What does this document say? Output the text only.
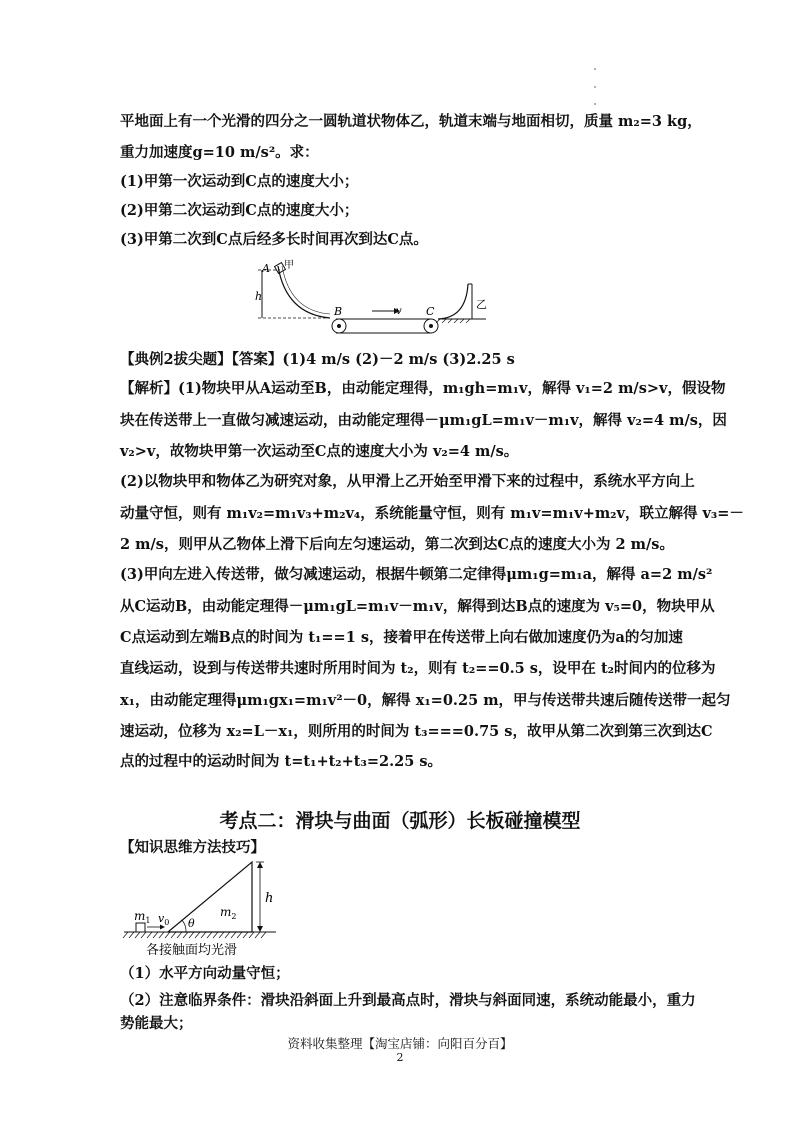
平地面上有一个光滑的四分之一圆轨道状物体乙，轨道末端与地面相切，质量 m₂=3 kg，
重力加速度g=10 m/s²。求：
(1)甲第一次运动到C点的速度大小；
(2)甲第二次运动到C点的速度大小；
(3)甲第二次到C点后经多长时间再次到达C点。
A 甲
h
B	v C
乙
【典例2拔尖题】【答案】(1)4 m/s (2)－2 m/s (3)2.25 s
【解析】(1)物块甲从A运动至B，由动能定理得，m₁gh=m₁v，解得 v₁=2 m/s>v，假设物
块在传送带上一直做匀减速运动，由动能定理得－μm₁gL=m₁v－m₁v，解得 v₂=4 m/s，因
v₂>v，故物块甲第一次运动至C点的速度大小为 v₂=4 m/s。
(2)以物块甲和物体乙为研究对象，从甲滑上乙开始至甲滑下来的过程中，系统水平方向上
动量守恒，则有 m₁v₂=m₁v₃+m₂v₄，系统能量守恒，则有 m₁v=m₁v+m₂v，联立解得 v₃=－
2 m/s，则甲从乙物体上滑下后向左匀速运动，第二次到达C点的速度大小为 2 m/s。
(3)甲向左进入传送带，做匀减速运动，根据牛顿第二定律得μm₁g=m₁a，解得 a=2 m/s²
从C运动B，由动能定理得－μm₁gL=m₁v－m₁v，解得到达B点的速度为 v₅=0，物块甲从
C点运动到左端B点的时间为 t₁==1 s，接着甲在传送带上向右做加速度仍为a的匀加速
直线运动，设到与传送带共速时所用时间为 t₂，则有 t₂==0.5 s，设甲在 t₂时间内的位移为
x₁，由动能定理得μm₁gx₁=m₁v²－0，解得 x₁=0.25 m，甲与传送带共速后随传送带一起匀
速运动，位移为 x₂=L－x₁，则所用的时间为 t₃===0.75 s，故甲从第二次到第三次到达C
点的过程中的运动时间为 t=t₁+t₂+t₃=2.25 s。
考点二：滑块与曲面（弧形）长板碰撞模型
【知识思维方法技巧】
$m_1$ $v_0$ θ
$m_2$
h
各接触面均光滑
（1）水平方向动量守恒；
（2）注意临界条件：滑块沿斜面上升到最高点时，滑块与斜面同速，系统动能最小，重力
势能最大；
资料收集整理【淘宝店铺：向阳百分百】
2
